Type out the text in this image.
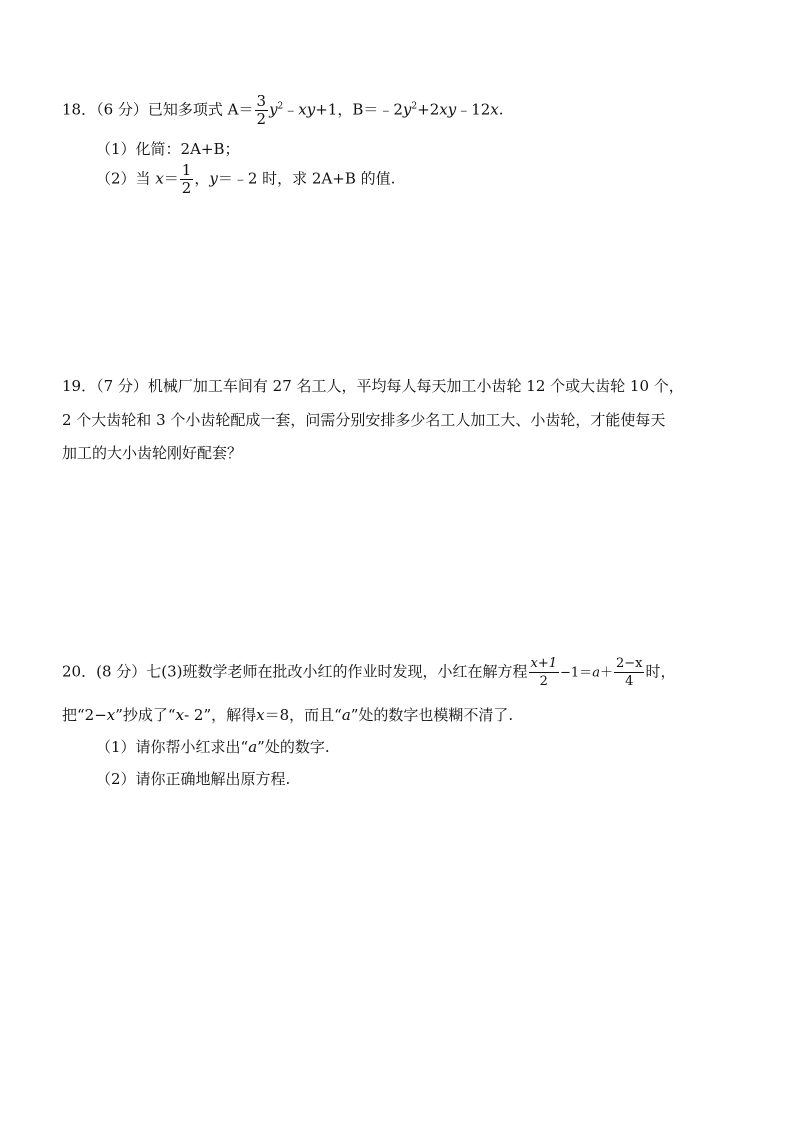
18．（6 分）已知多项式 $A= \frac{3}{2}$ $y^2﹣xy+1$，$B=﹣2y^2+2xy﹣12x$.
（1）化简：2A+B；
（2）当 $x= \frac{1}{2}$ ，y＝﹣2 时，求 2A+B 的值.
19．（7 分）机械厂加工车间有 27 名工人，平均每人每天加工小齿轮 12 个或大齿轮 10 个，
2 个大齿轮和 3 个小齿轮配成一套，问需分别安排多少名工人加工大、小齿轮，才能使每天
加工的大小齿轮刚好配套？
20．(8 分）七(3)班数学老师在批改小红的作业时发现，小红在解方程 $\frac{x+1}{2} -1=a+ \frac{2-x}{4}$ 时，
把“2−x”抄成了“x- 2”，解得x＝8，而且“a”处的数字也模糊不清了.
（1）请你帮小红求出“a”处的数字.
（2）请你正确地解出原方程.
